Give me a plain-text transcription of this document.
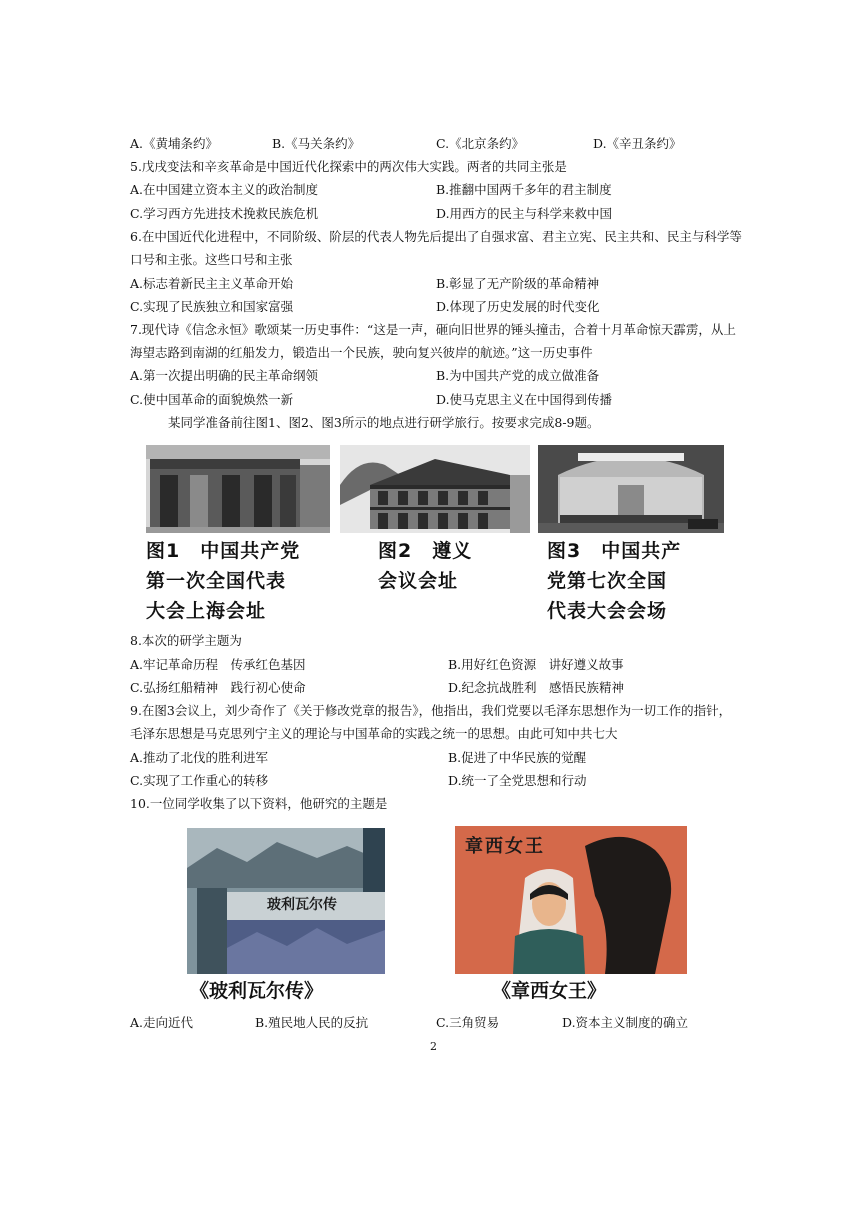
A.《黄埔条约》	B.《马关条约》	C.《北京条约》	D.《辛丑条约》
5.戊戌变法和辛亥革命是中国近代化探索中的两次伟大实践。两者的共同主张是
A.在中国建立资本主义的政治制度	B.推翻中国两千多年的君主制度
C.学习西方先进技术挽救民族危机	D.用西方的民主与科学来救中国
6.在中国近代化进程中，不同阶级、阶层的代表人物先后提出了自强求富、君主立宪、民主共和、民主与科学等
口号和主张。这些口号和主张
A.标志着新民主主义革命开始	B.彰显了无产阶级的革命精神
C.实现了民族独立和国家富强	D.体现了历史发展的时代变化
7.现代诗《信念永恒》歌颂某一历史事件：“这是一声，砸向旧世界的锤头撞击，合着十月革命惊天霹雳，从上
海望志路到南湖的红船发力，锻造出一个民族，驶向复兴彼岸的航迹。”这一历史事件
A.第一次提出明确的民主革命纲领	B.为中国共产党的成立做准备
C.使中国革命的面貌焕然一新	D.使马克思主义在中国得到传播
某同学准备前往图1、图2、图3所示的地点进行研学旅行。按要求完成8-9题。
图1　中国共产党
第一次全国代表
大会上海会址
图2　遵义
会议会址
图3　中国共产
党第七次全国
代表大会会场
8.本次的研学主题为
A.牢记革命历程　传承红色基因	B.用好红色资源　讲好遵义故事
C.弘扬红船精神　践行初心使命	D.纪念抗战胜利　感悟民族精神
9.在图3会议上，刘少奇作了《关于修改党章的报告》，他指出，我们党要以毛泽东思想作为一切工作的指针，
毛泽东思想是马克思列宁主义的理论与中国革命的实践之统一的思想。由此可知中共七大
A.推动了北伐的胜利进军	B.促进了中华民族的觉醒
C.实现了工作重心的转移	D.统一了全党思想和行动
10.一位同学收集了以下资料，他研究的主题是
玻利瓦尔传
章西女王
《玻利瓦尔传》	《章西女王》
A.走向近代	B.殖民地人民的反抗	C.三角贸易	D.资本主义制度的确立
2
